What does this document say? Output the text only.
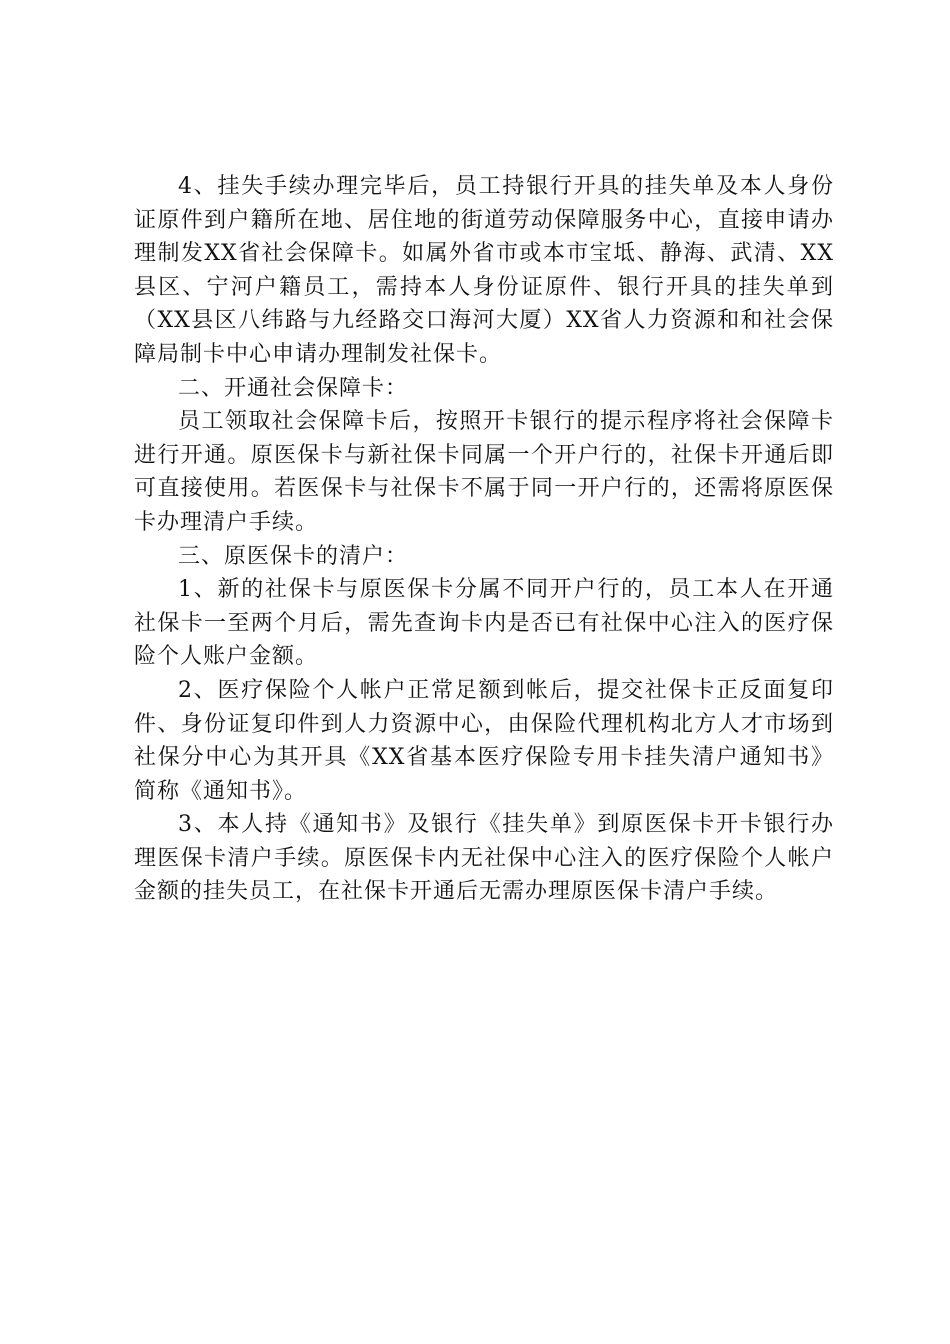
4、挂失手续办理完毕后，员工持银行开具的挂失单及本人身份证原件到户籍所在地、居住地的街道劳动保障服务中心，直接申请办理制发XX省社会保障卡。如属外省市或本市宝坻、静海、武清、XX县区、宁河户籍员工，需持本人身份证原件、银行开具的挂失单到（XX县区八纬路与九经路交口海河大厦）XX省人力资源和和社会保障局制卡中心申请办理制发社保卡。

二、开通社会保障卡：

员工领取社会保障卡后，按照开卡银行的提示程序将社会保障卡进行开通。原医保卡与新社保卡同属一个开户行的，社保卡开通后即可直接使用。若医保卡与社保卡不属于同一开户行的，还需将原医保卡办理清户手续。

三、原医保卡的清户：

1、新的社保卡与原医保卡分属不同开户行的，员工本人在开通社保卡一至两个月后，需先查询卡内是否已有社保中心注入的医疗保险个人账户金额。

2、医疗保险个人帐户正常足额到帐后，提交社保卡正反面复印件、身份证复印件到人力资源中心，由保险代理机构北方人才市场到社保分中心为其开具《XX省基本医疗保险专用卡挂失清户通知书》简称《通知书》。

3、本人持《通知书》及银行《挂失单》到原医保卡开卡银行办理医保卡清户手续。原医保卡内无社保中心注入的医疗保险个人帐户金额的挂失员工，在社保卡开通后无需办理原医保卡清户手续。
